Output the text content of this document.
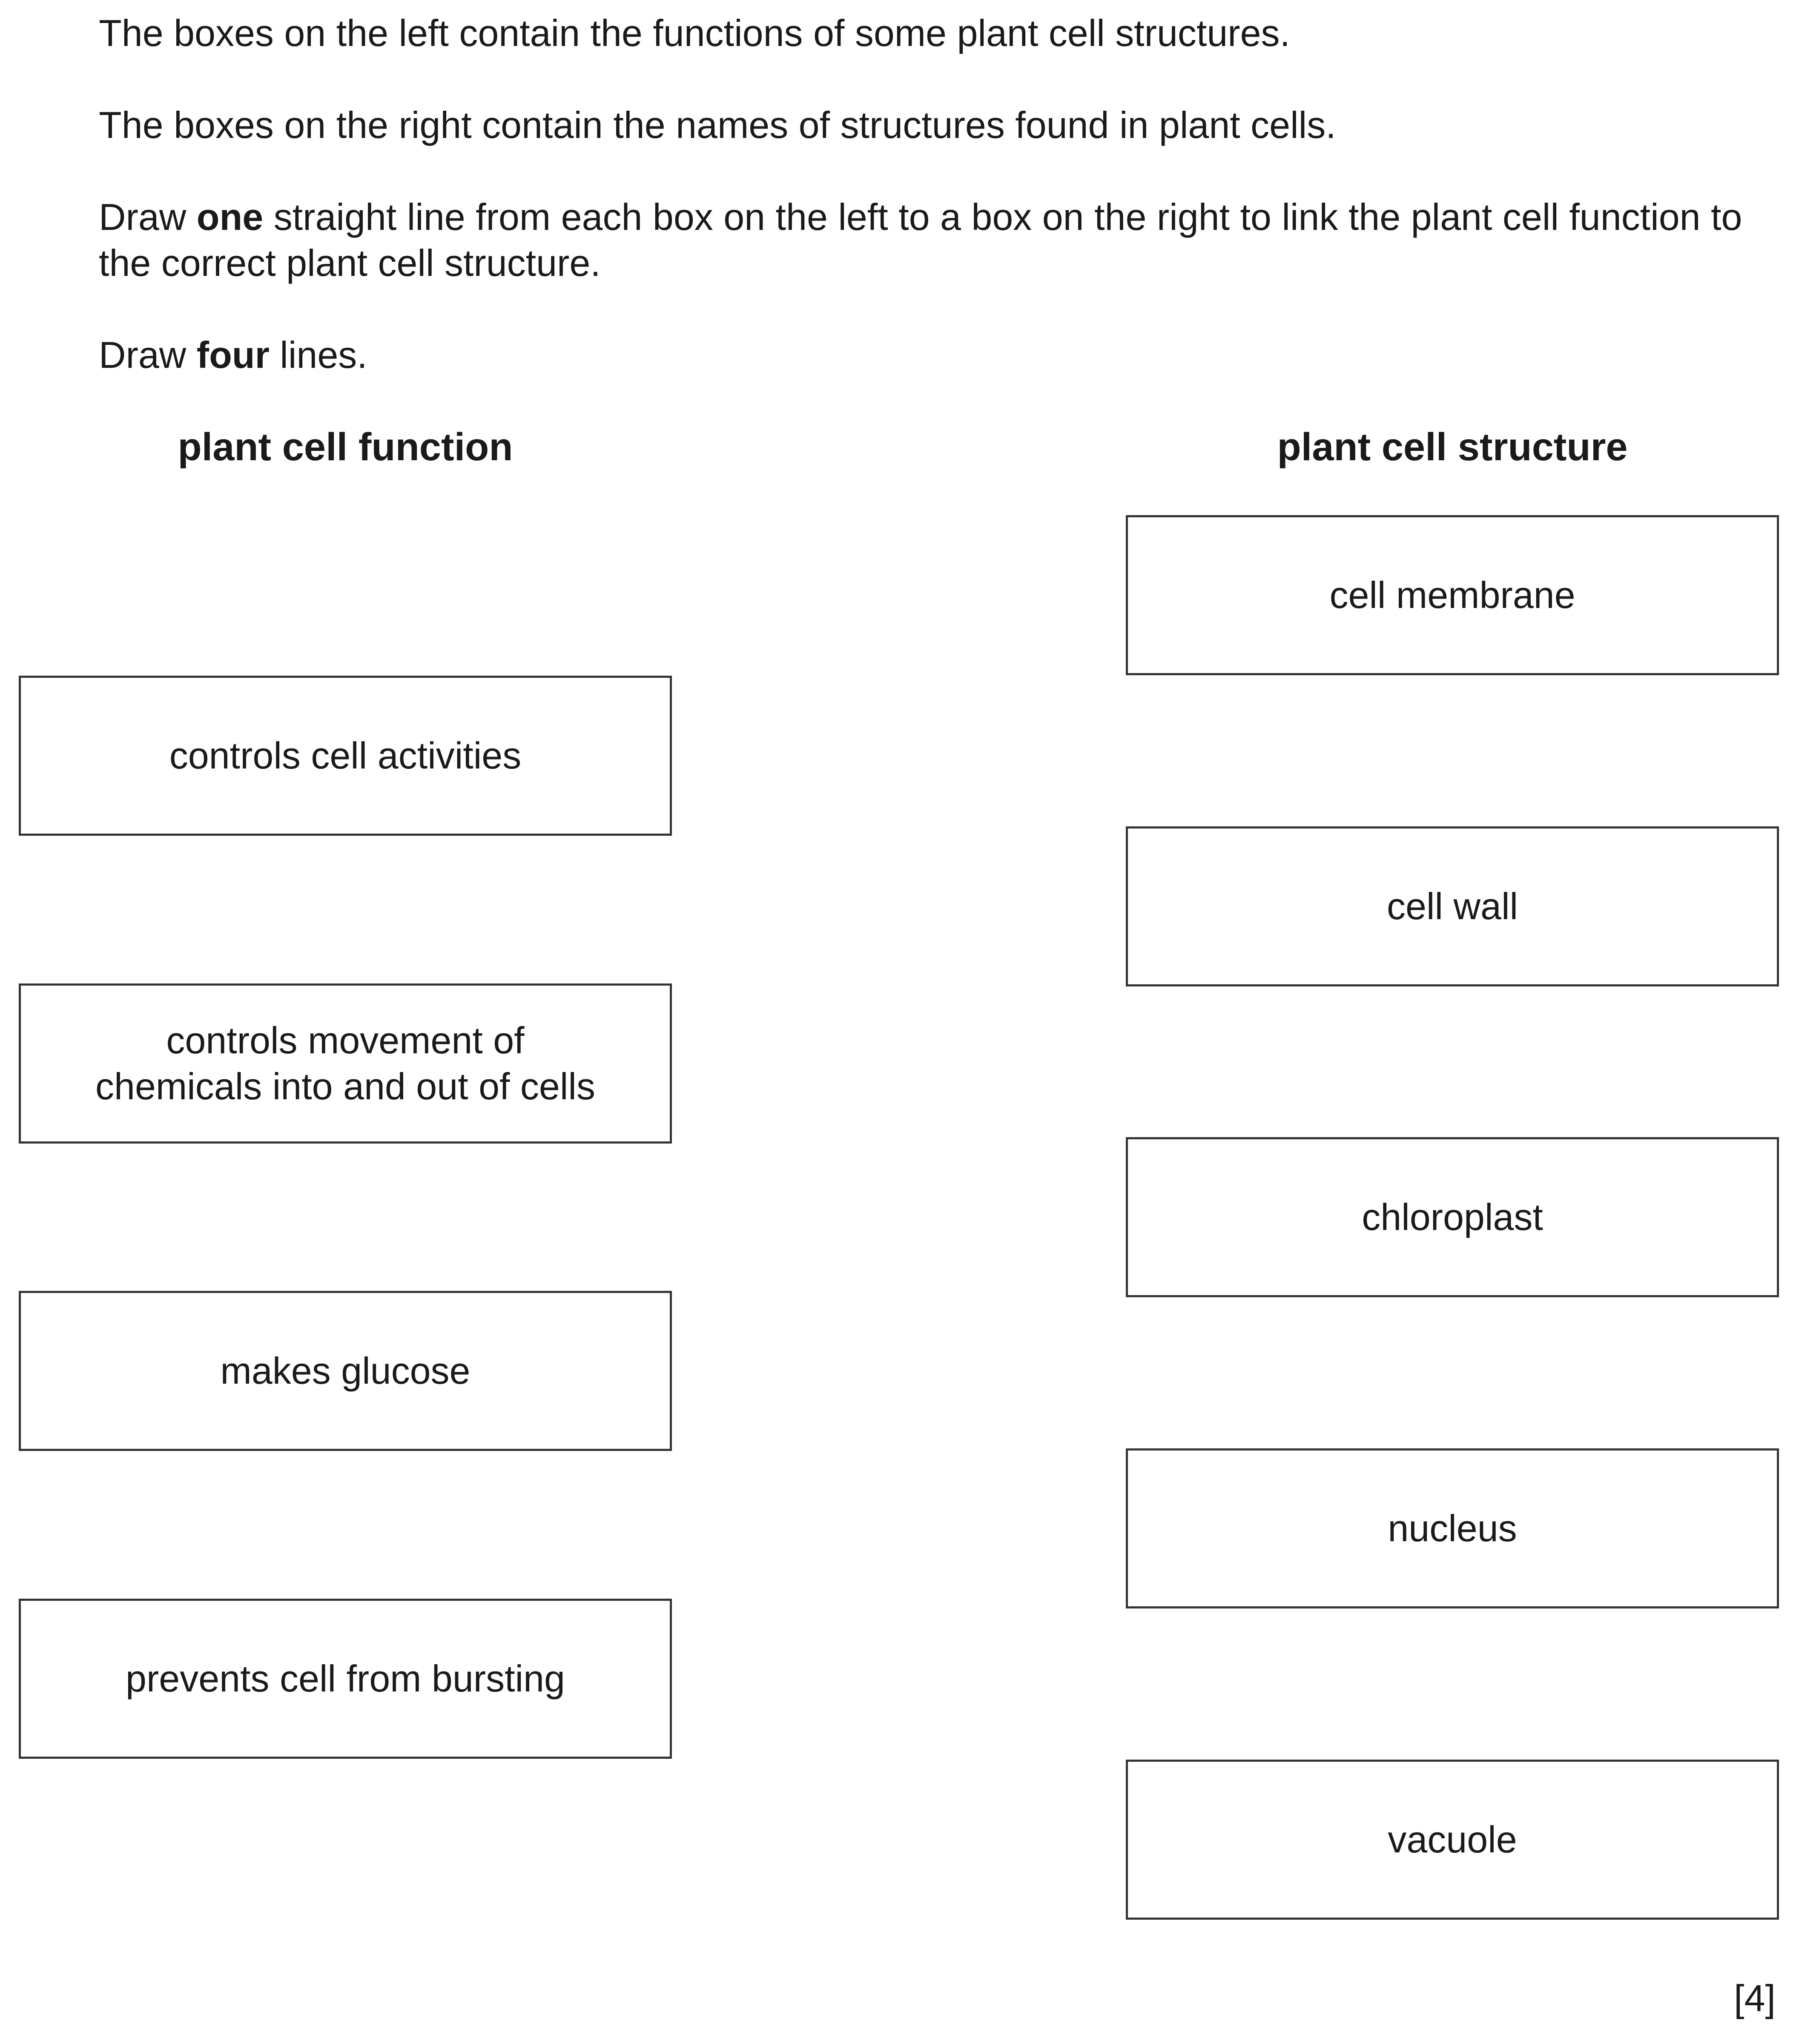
The boxes on the left contain the functions of some plant cell structures.

The boxes on the right contain the names of structures found in plant cells.

Draw one straight line from each box on the left to a box on the right to link the plant cell function to the correct plant cell structure.

Draw four lines.

plant cell function	plant cell structure

controls cell activities
controls movement of
chemicals into and out of cells
makes glucose
prevents cell from bursting
cell membrane
cell wall
chloroplast
nucleus
vacuole
[4]
